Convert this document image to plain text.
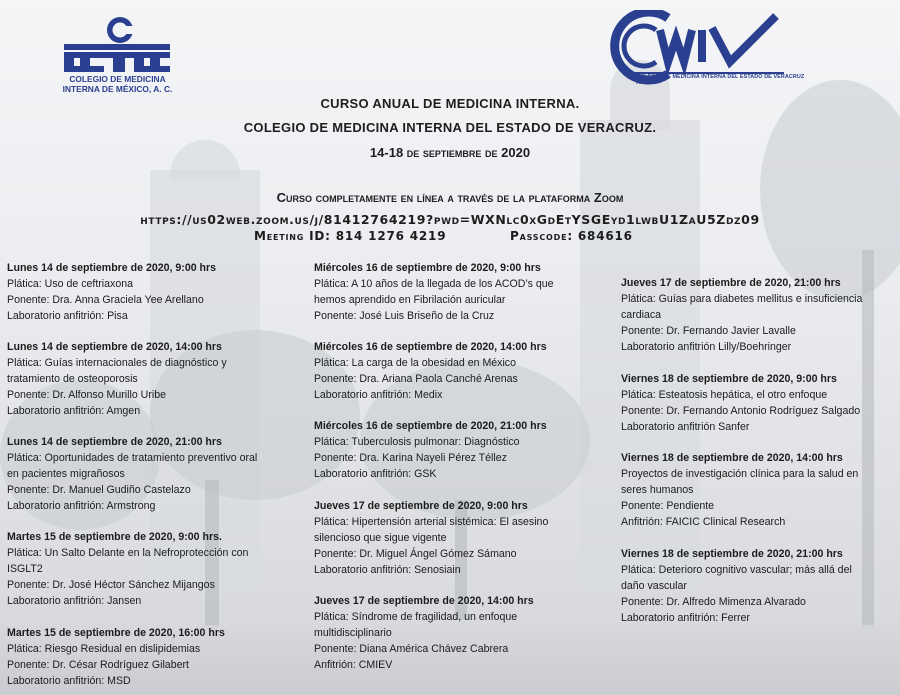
COLEGIO DE MEDICINA
INTERNA DE MÉXICO, A. C.
COLEGIO DE MEDICINA INTERNA DEL ESTADO DE VERACRUZ A.C.
CURSO ANUAL DE MEDICINA INTERNA.
COLEGIO DE MEDICINA INTERNA DEL ESTADO DE VERACRUZ.
14-18 de septiembre de 2020
Curso completamente en línea a través de la plataforma Zoom
https://us02web.zoom.us/j/81412764219?pwd=WXNlc0xGdEtYSGEyd1lwbU1ZaU5Zdz09
Meeting ID: 814 1276 4219	Passcode: 684616
Lunes 14 de septiembre de 2020, 9:00 hrs
Plática: Uso de ceftriaxona
Ponente: Dra. Anna Graciela Yee Arellano
Laboratorio anfitrión: Pisa
Lunes 14 de septiembre de 2020, 14:00 hrs
Plática: Guías internacionales de diagnóstico y
tratamiento de osteoporosis
Ponente: Dr. Alfonso Murillo Uribe
Laboratorio anfitrión: Amgen
Lunes 14 de septiembre de 2020, 21:00 hrs
Plática: Oportunidades de tratamiento preventivo oral
en pacientes migrañosos
Ponente: Dr. Manuel Gudiño Castelazo
Laboratorio anfitrión: Armstrong
Martes 15 de septiembre de 2020, 9:00 hrs.
Plática: Un Salto Delante en la Nefroprotección con
ISGLT2
Ponente: Dr. José Héctor Sánchez Mijangos
Laboratorio anfitrión: Jansen
Martes 15 de septiembre de 2020, 16:00 hrs
Plática: Riesgo Residual en dislipidemias
Ponente: Dr. César Rodríguez Gilabert
Laboratorio anfitrión: MSD
Miércoles 16 de septiembre de 2020, 9:00 hrs
Plática: A 10 años de la llegada de los ACOD’s que
hemos aprendido en Fibrilación auricular
Ponente: José Luis Briseño de la Cruz
Miércoles 16 de septiembre de 2020, 14:00 hrs
Plática: La carga de la obesidad en México
Ponente: Dra. Ariana Paola Canché Arenas
Laboratorio anfitrión: Medix
Miércoles 16 de septiembre de 2020, 21:00 hrs
Plática: Tuberculosis pulmonar: Diagnóstico
Ponente: Dra. Karina Nayeli Pérez Téllez
Laboratorio anfitrión: GSK
Jueves 17 de septiembre de 2020, 9:00 hrs
Plática: Hipertensión arterial sistémica: El asesino
silencioso que sigue vigente
Ponente: Dr. Miguel Ángel Gómez Sámano
Laboratorio anfitrión: Senosiain
Jueves 17 de septiembre de 2020, 14:00 hrs
Plática: Síndrome de fragilidad, un enfoque
multidisciplinario
Ponente: Diana América Chávez Cabrera
Anfitrión: CMIEV
Jueves 17 de septiembre de 2020, 21:00 hrs
Plática: Guías para diabetes mellitus e insuficiencia
cardiaca
Ponente: Dr. Fernando Javier Lavalle
Laboratorio anfitrión Lilly/Boehringer
Viernes 18 de septiembre de 2020, 9:00 hrs
Plática: Esteatosis hepática, el otro enfoque
Ponente: Dr. Fernando Antonio Rodríguez Salgado
Laboratorio anfitrión Sanfer
Viernes 18 de septiembre de 2020, 14:00 hrs
Proyectos de investigación clínica para la salud en
seres humanos
Ponente: Pendiente
Anfitrión: FAICIC Clinical Research
Viernes 18 de septiembre de 2020, 21:00 hrs
Plática: Deterioro cognitivo vascular; más allá del
daño vascular
Ponente: Dr. Alfredo Mimenza Alvarado
Laboratorio anfitrión: Ferrer
